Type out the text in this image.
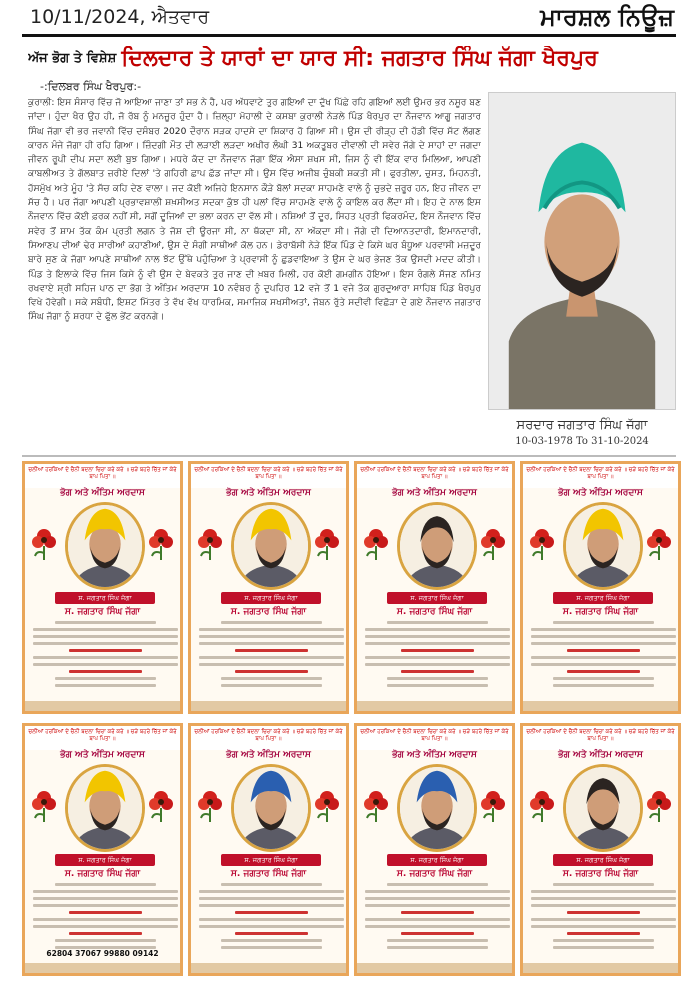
10/11/2024, ਐਤਵਾਰ	ਮਾਰਸ਼ਲ ਨਿਊਜ਼
ਅੱਜ ਭੋਗ ਤੇ ਵਿਸ਼ੇਸ਼ ਦਿਲਦਾਰ ਤੇ ਯਾਰਾਂ ਦਾ ਯਾਰ ਸੀ: ਜਗਤਾਰ ਸਿੰਘ ਜੱਗਾ ਖੈਰਪੁਰ
-:ਦਿਲਬਰ ਸਿੰਘ ਖੈਰਪੁਰ:-
ਕੁਰਾਲੀ: ਇਸ ਸੰਸਾਰ ਵਿੱਚ ਜੋ ਆਇਆ ਜਾਣਾ ਤਾਂ ਸਭ ਨੇ ਹੈ, ਪਰ ਅੱਧਵਾਟੇ ਤੁਰ ਗਇਆਂ ਦਾ ਦੁੱਖ ਪਿੱਛੇ ਰਹਿ ਗਇਆਂ ਲਈ ਉਮਰ ਭਰ ਨਸੂਰ ਬਣ ਜਾਂਦਾ। ਹੁੰਦਾ ਖੈਰ ਉਹ ਹੀ, ਜੋ ਰੱਬ ਨੂੰ ਮਨਜ਼ੂਰ ਹੁੰਦਾ ਹੈ। ਜ਼ਿਲ੍ਹਾ ਮੋਹਾਲੀ ਦੇ ਕਸਬਾ ਕੁਰਾਲੀ ਨੇੜਲੇ ਪਿੰਡ ਖੈਰਪੁਰ ਦਾ ਨੌਜਵਾਨ ਆਗੂ ਜਗਤਾਰ ਸਿੰਘ ਜੱਗਾ ਵੀ ਭਰ ਜਵਾਨੀ ਵਿੱਚ ਦਸੰਬਰ 2020 ਦੌਰਾਨ ਸੜਕ ਹਾਦਸੇ ਦਾ ਸ਼ਿਕਾਰ ਹੋ ਗਿਆ ਸੀ। ਉਸ ਦੀ ਰੀੜ੍ਹ ਦੀ ਹੱਡੀ ਵਿੱਚ ਸੱਟ ਲੱਗਣ ਕਾਰਨ ਮੰਜੇ ਜੋਗਾ ਹੀ ਰਹਿ ਗਿਆ। ਜ਼ਿੰਦਗੀ ਮੌਤ ਦੀ ਲੜਾਈ ਲੜਦਾ ਅਖੀਰ ਲੰਘੀ 31 ਅਕਤੂਬਰ ਦੀਵਾਲੀ ਦੀ ਸਵੇਰ ਜੱਗੇ ਦੇ ਸਾਹਾਂ ਦਾ ਜਗਦਾ ਜੀਵਨ ਰੂਪੀ ਦੀਪ ਸਦਾ ਲਈ ਬੁਝ ਗਿਆ। ਮਧਰੇ ਕੱਦ ਦਾ ਨੌਜਵਾਨ ਜੱਗਾ ਇੱਕ ਐਸਾ ਸ਼ਖਸ ਸੀ, ਜਿਸ ਨੂੰ ਵੀ ਇੱਕ ਵਾਰ ਮਿਲਿਆ, ਆਪਣੀ ਕਾਬਲੀਅਤ ਤੇ ਗੱਲਬਾਤ ਜ਼ਰੀਏ ਦਿਲਾਂ 'ਤੇ ਗਹਿਰੀ ਛਾਪ ਛੱਡ ਜਾਂਦਾ ਸੀ। ਉਸ ਵਿੱਚ ਅਜੀਬ ਚੁੰਬਕੀ ਸ਼ਕਤੀ ਸੀ। ਫੁਰਤੀਲਾ, ਚੁਸਤ, ਮਿਹਨਤੀ, ਹੱਸਮੁੱਖ ਅਤੇ ਮੂੰਹ 'ਤੇ ਸੱਚ ਕਹਿ ਦੇਣ ਵਾਲਾ। ਜਦ ਕੋਈ ਅਜਿਹੇ ਇਨਸਾਨ ਕੌੜੇ ਬੋਲਾਂ ਸਦਕਾ ਸਾਹਮਣੇ ਵਾਲੇ ਨੂੰ ਚੁਭਦੇ ਜ਼ਰੂਰ ਹਨ, ਇਹ ਜੀਵਨ ਦਾ ਸੱਚ ਹੈ। ਪਰ ਜੱਗਾ ਆਪਣੀ ਪ੍ਰਭਾਵਸ਼ਾਲੀ ਸ਼ਖ਼ਸੀਅਤ ਸਦਕਾ ਕੁੱਝ ਹੀ ਪਲਾਂ ਵਿੱਚ ਸਾਹਮਣੇ ਵਾਲੇ ਨੂੰ ਕਾਇਲ ਕਰ ਲੈਂਦਾ ਸੀ। ਇਹ ਦੇ ਨਾਲ ਇਸ ਨੌਜਵਾਨ ਵਿੱਚ ਕੋਈ ਫ਼ਰਕ ਨਹੀਂ ਸੀ, ਸਗੋਂ ਦੂਜਿਆਂ ਦਾ ਭਲਾ ਕਰਨ ਦਾ ਵੱਲ ਸੀ। ਨਸ਼ਿਆਂ ਤੋਂ ਦੂਰ, ਸਿਹਤ ਪ੍ਰਤੀ ਫਿਕਰਮੰਦ, ਇਸ ਨੌਜਵਾਨ ਵਿੱਚ ਸਵੇਰ ਤੋਂ ਸ਼ਾਮ ਤੱਕ ਕੰਮ ਪ੍ਰਤੀ ਲਗਨ ਤੇ ਜੋਸ਼ ਦੀ ਊਰਜਾ ਸੀ, ਨਾ ਥੱਕਦਾ ਸੀ, ਨਾ ਅੱਕਦਾ ਸੀ। ਜੱਗੇ ਦੀ ਦਿਆਨਤਦਾਰੀ, ਇਮਾਨਦਾਰੀ, ਸਿਆਣਪ ਦੀਆਂ ਢੇਰ ਸਾਰੀਆਂ ਕਹਾਣੀਆਂ, ਉਸ ਦੇ ਸੰਗੀ ਸਾਥੀਆਂ ਕੋਲ ਹਨ। ਡੇਰਾਬੱਸੀ ਨੇੜੇ ਇੱਕ ਪਿੰਡ ਦੇ ਕਿਸੇ ਘਰ ਬੰਧੂਆ ਪਰਵਾਸੀ ਮਜ਼ਦੂਰ ਬਾਰੇ ਸੁਣ ਕੇ ਜੱਗਾ ਆਪਣੇ ਸਾਥੀਆਂ ਨਾਲ ਝੱਟ ਉੱਥੇ ਪਹੁੰਚਿਆ ਤੇ ਪ੍ਰਵਾਸੀ ਨੂੰ ਛੁਡਵਾਇਆ ਤੇ ਉਸ ਦੇ ਘਰ ਭੇਜਣ ਤੱਕ ਉਸਦੀ ਮਦਦ ਕੀਤੀ। ਪਿੰਡ ਤੇ ਇਲਾਕੇ ਵਿੱਚ ਜਿਸ ਕਿਸੇ ਨੂੰ ਵੀ ਉਸ ਦੇ ਬੇਵਕਤੇ ਤੁਰ ਜਾਣ ਦੀ ਖ਼ਬਰ ਮਿਲੀ, ਹਰ ਕੋਈ ਗਮਗੀਨ ਹੋਇਆ। ਇਸ ਰੰਗਲੇ ਸੱਜਣ ਨਮਿਤ ਰਖਵਾਏ ਸ਼੍ਰੀ ਸਹਿਜ ਪਾਠ ਦਾ ਭੋਗ ਤੇ ਅੰਤਿਮ ਅਰਦਾਸ 10 ਨਵੰਬਰ ਨੂੰ ਦੁਪਹਿਰ 12 ਵਜੇ ਤੋਂ 1 ਵਜੇ ਤੱਕ ਗੁਰਦੁਆਰਾ ਸਾਹਿਬ ਪਿੰਡ ਖੈਰਪੁਰ ਵਿਖੇ ਹੋਵੇਗੀ। ਸਕੇ ਸਬੰਧੀ, ਇਸ਼ਟ ਮਿੱਤਰ ਤੇ ਵੱਖ ਵੱਖ ਧਾਰਮਿਕ, ਸਮਾਜਿਕ ਸਖਸੀਅਤਾਂ, ਜੋਬਨ ਰੁੱਤੇ ਸਦੀਵੀ ਵਿਛੋੜਾ ਦੇ ਗਏ ਨੌਜਵਾਨ ਜਗਤਾਰ ਸਿੰਘ ਜੱਗਾ ਨੂੰ ਸ਼ਰਧਾ ਦੇ ਫੁੱਲ ਭੇਂਟ ਕਰਨਗੇ।
ਸਰਦਾਰ ਜਗਤਾਰ ਸਿੰਘ ਜੱਗਾ
10-03-1978 To 31-10-2024
ਚਲੀਆਂ ਹਰਕਿਆਂ ਦੇ ਚੈਨੀ ਬਦਲਾ ਚਿਰਾ ਕਰੇ ਕਰੇ ॥ ਚੜੇ ਬਹਰੇ ਚਿੱਤ ਜਾਂ ਕੇਰੇ ਬਾਪ ਪਿਤਾ ॥
ਭੋਗ ਅਤੇ ਅੰਤਿਮ ਅਰਦਾਸ
ਸ. ਜਗਤਾਰ ਸਿੰਘ ਜੱਗਾ
ਸ. ਜਗਤਾਰ ਸਿੰਘ ਜੱਗਾ
ਚਲੀਆਂ ਹਰਕਿਆਂ ਦੇ ਚੈਨੀ ਬਦਲਾ ਚਿਰਾ ਕਰੇ ਕਰੇ ॥ ਚੜੇ ਬਹਰੇ ਚਿੱਤ ਜਾਂ ਕੇਰੇ ਬਾਪ ਪਿਤਾ ॥
ਭੋਗ ਅਤੇ ਅੰਤਿਮ ਅਰਦਾਸ
ਸ. ਜਗਤਾਰ ਸਿੰਘ ਜੱਗਾ
ਸ. ਜਗਤਾਰ ਸਿੰਘ ਜੱਗਾ
ਚਲੀਆਂ ਹਰਕਿਆਂ ਦੇ ਚੈਨੀ ਬਦਲਾ ਚਿਰਾ ਕਰੇ ਕਰੇ ॥ ਚੜੇ ਬਹਰੇ ਚਿੱਤ ਜਾਂ ਕੇਰੇ ਬਾਪ ਪਿਤਾ ॥
ਭੋਗ ਅਤੇ ਅੰਤਿਮ ਅਰਦਾਸ
ਸ. ਜਗਤਾਰ ਸਿੰਘ ਜੱਗਾ
ਸ. ਜਗਤਾਰ ਸਿੰਘ ਜੱਗਾ
ਚਲੀਆਂ ਹਰਕਿਆਂ ਦੇ ਚੈਨੀ ਬਦਲਾ ਚਿਰਾ ਕਰੇ ਕਰੇ ॥ ਚੜੇ ਬਹਰੇ ਚਿੱਤ ਜਾਂ ਕੇਰੇ ਬਾਪ ਪਿਤਾ ॥
ਭੋਗ ਅਤੇ ਅੰਤਿਮ ਅਰਦਾਸ
ਸ. ਜਗਤਾਰ ਸਿੰਘ ਜੱਗਾ
ਸ. ਜਗਤਾਰ ਸਿੰਘ ਜੱਗਾ
ਚਲੀਆਂ ਹਰਕਿਆਂ ਦੇ ਚੈਨੀ ਬਦਲਾ ਚਿਰਾ ਕਰੇ ਕਰੇ ॥ ਚੜੇ ਬਹਰੇ ਚਿੱਤ ਜਾਂ ਕੇਰੇ ਬਾਪ ਪਿਤਾ ॥
ਭੋਗ ਅਤੇ ਅੰਤਿਮ ਅਰਦਾਸ
ਸ. ਜਗਤਾਰ ਸਿੰਘ ਜੱਗਾ
ਸ. ਜਗਤਾਰ ਸਿੰਘ ਜੱਗਾ
62804 37067 99880 09142
ਚਲੀਆਂ ਹਰਕਿਆਂ ਦੇ ਚੈਨੀ ਬਦਲਾ ਚਿਰਾ ਕਰੇ ਕਰੇ ॥ ਚੜੇ ਬਹਰੇ ਚਿੱਤ ਜਾਂ ਕੇਰੇ ਬਾਪ ਪਿਤਾ ॥
ਭੋਗ ਅਤੇ ਅੰਤਿਮ ਅਰਦਾਸ
ਸ. ਜਗਤਾਰ ਸਿੰਘ ਜੱਗਾ
ਸ. ਜਗਤਾਰ ਸਿੰਘ ਜੱਗਾ
ਚਲੀਆਂ ਹਰਕਿਆਂ ਦੇ ਚੈਨੀ ਬਦਲਾ ਚਿਰਾ ਕਰੇ ਕਰੇ ॥ ਚੜੇ ਬਹਰੇ ਚਿੱਤ ਜਾਂ ਕੇਰੇ ਬਾਪ ਪਿਤਾ ॥
ਭੋਗ ਅਤੇ ਅੰਤਿਮ ਅਰਦਾਸ
ਸ. ਜਗਤਾਰ ਸਿੰਘ ਜੱਗਾ
ਸ. ਜਗਤਾਰ ਸਿੰਘ ਜੱਗਾ
ਚਲੀਆਂ ਹਰਕਿਆਂ ਦੇ ਚੈਨੀ ਬਦਲਾ ਚਿਰਾ ਕਰੇ ਕਰੇ ॥ ਚੜੇ ਬਹਰੇ ਚਿੱਤ ਜਾਂ ਕੇਰੇ ਬਾਪ ਪਿਤਾ ॥
ਭੋਗ ਅਤੇ ਅੰਤਿਮ ਅਰਦਾਸ
ਸ. ਜਗਤਾਰ ਸਿੰਘ ਜੱਗਾ
ਸ. ਜਗਤਾਰ ਸਿੰਘ ਜੱਗਾ
